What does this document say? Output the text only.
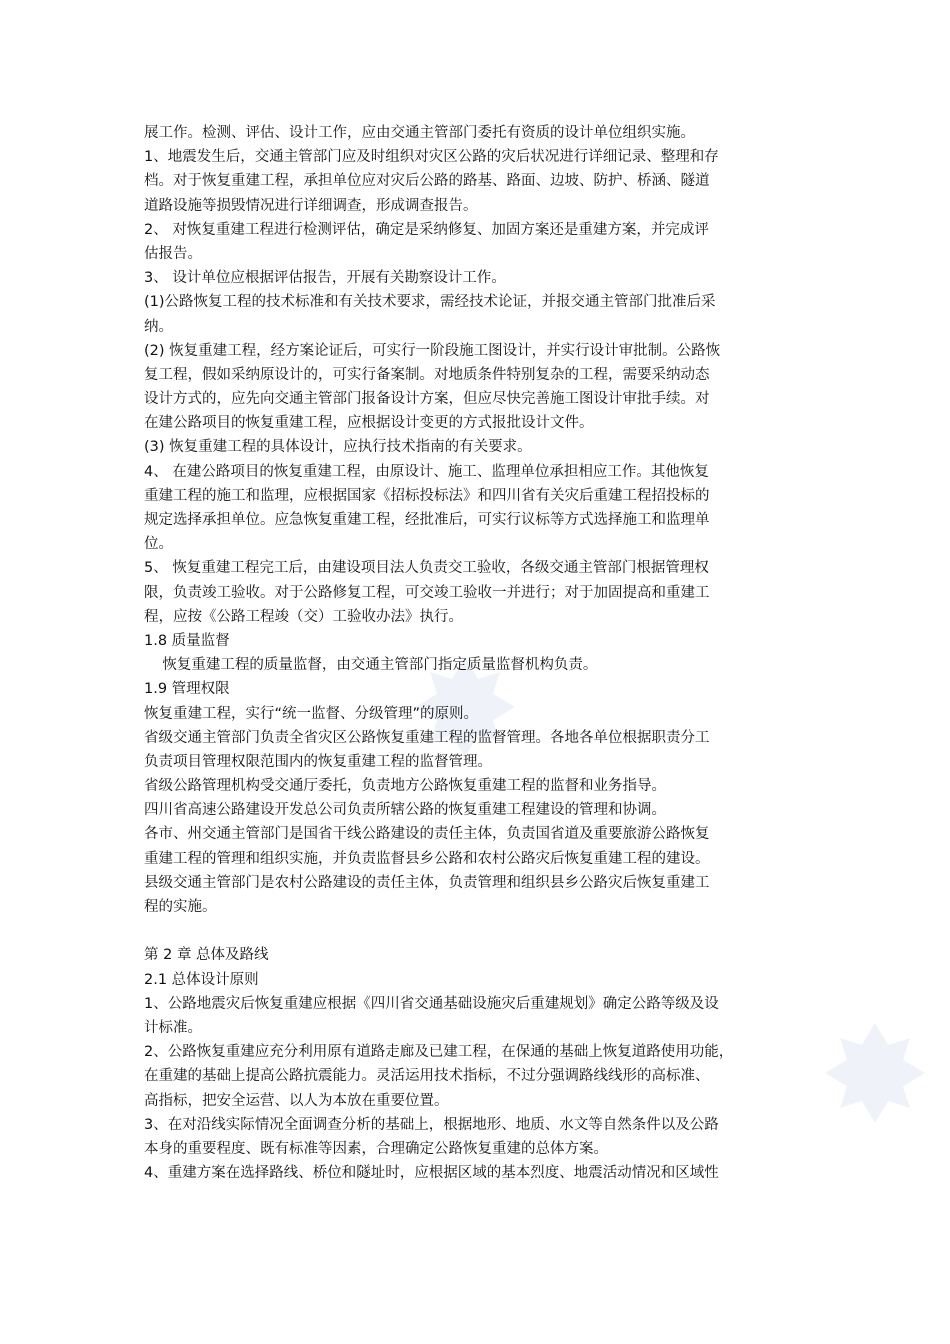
展工作。检测、评估、设计工作，应由交通主管部门委托有资质的设计单位组织实施。
1、地震发生后，交通主管部门应及时组织对灾区公路的灾后状况进行详细记录、整理和存
档。对于恢复重建工程，承担单位应对灾后公路的路基、路面、边坡、防护、桥涵、隧道
道路设施等损毁情况进行详细调查，形成调查报告。
2、 对恢复重建工程进行检测评估，确定是采纳修复、加固方案还是重建方案，并完成评
估报告。
3、 设计单位应根据评估报告，开展有关勘察设计工作。
(1)公路恢复工程的技术标准和有关技术要求，需经技术论证，并报交通主管部门批准后采
纳。
(2) 恢复重建工程，经方案论证后，可实行一阶段施工图设计，并实行设计审批制。公路恢
复工程，假如采纳原设计的，可实行备案制。对地质条件特别复杂的工程，需要采纳动态
设计方式的，应先向交通主管部门报备设计方案，但应尽快完善施工图设计审批手续。对
在建公路项目的恢复重建工程，应根据设计变更的方式报批设计文件。
(3) 恢复重建工程的具体设计，应执行技术指南的有关要求。
4、 在建公路项目的恢复重建工程，由原设计、施工、监理单位承担相应工作。其他恢复
重建工程的施工和监理，应根据国家《招标投标法》和四川省有关灾后重建工程招投标的
规定选择承担单位。应急恢复重建工程，经批准后，可实行议标等方式选择施工和监理单
位。
5、 恢复重建工程完工后，由建设项目法人负责交工验收，各级交通主管部门根据管理权
限，负责竣工验收。对于公路修复工程，可交竣工验收一并进行；对于加固提高和重建工
程，应按《公路工程竣（交）工验收办法》执行。
1.8 质量监督
恢复重建工程的质量监督，由交通主管部门指定质量监督机构负责。
1.9 管理权限
恢复重建工程，实行“统一监督、分级管理”的原则。
省级交通主管部门负责全省灾区公路恢复重建工程的监督管理。各地各单位根据职责分工
负责项目管理权限范围内的恢复重建工程的监督管理。
省级公路管理机构受交通厅委托，负责地方公路恢复重建工程的监督和业务指导。
四川省高速公路建设开发总公司负责所辖公路的恢复重建工程建设的管理和协调。
各市、州交通主管部门是国省干线公路建设的责任主体，负责国省道及重要旅游公路恢复
重建工程的管理和组织实施，并负责监督县乡公路和农村公路灾后恢复重建工程的建设。
县级交通主管部门是农村公路建设的责任主体，负责管理和组织县乡公路灾后恢复重建工
程的实施。
第 2 章 总体及路线
2.1 总体设计原则
1、公路地震灾后恢复重建应根据《四川省交通基础设施灾后重建规划》确定公路等级及设
计标准。
2、公路恢复重建应充分利用原有道路走廊及已建工程，在保通的基础上恢复道路使用功能，
在重建的基础上提高公路抗震能力。灵活运用技术指标，不过分强调路线线形的高标准、
高指标，把安全运营、以人为本放在重要位置。
3、在对沿线实际情况全面调查分析的基础上，根据地形、地质、水文等自然条件以及公路
本身的重要程度、既有标准等因素，合理确定公路恢复重建的总体方案。
4、重建方案在选择路线、桥位和隧址时，应根据区域的基本烈度、地震活动情况和区域性
